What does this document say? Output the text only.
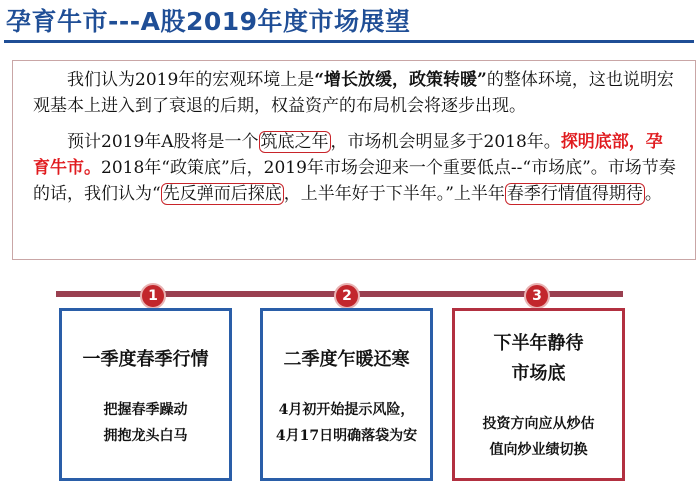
孕育牛市---A股2019年度市场展望

我们认为2019年的宏观环境上是“增长放缓，政策转暖”的整体环境，这也说明宏观基本上进入到了衰退的后期，权益资产的布局机会将逐步出现。

预计2019年A股将是一个 筑底之年 ，市场机会明显多于2018年。探明底部，孕育牛市。2018年“政策底”后，2019年市场会迎来一个重要低点--“市场底”。市场节奏的话，我们认为“ 先反弹而后探底 ，上半年好于下半年。”上半年 春季行情值得期待 。

1	2	3
一季度春季行情
把握春季躁动
拥抱龙头白马
二季度乍暖还寒
4月初开始提示风险，
4月17日明确落袋为安
下半年静待
市场底
投资方向应从炒估
值向炒业绩切换
